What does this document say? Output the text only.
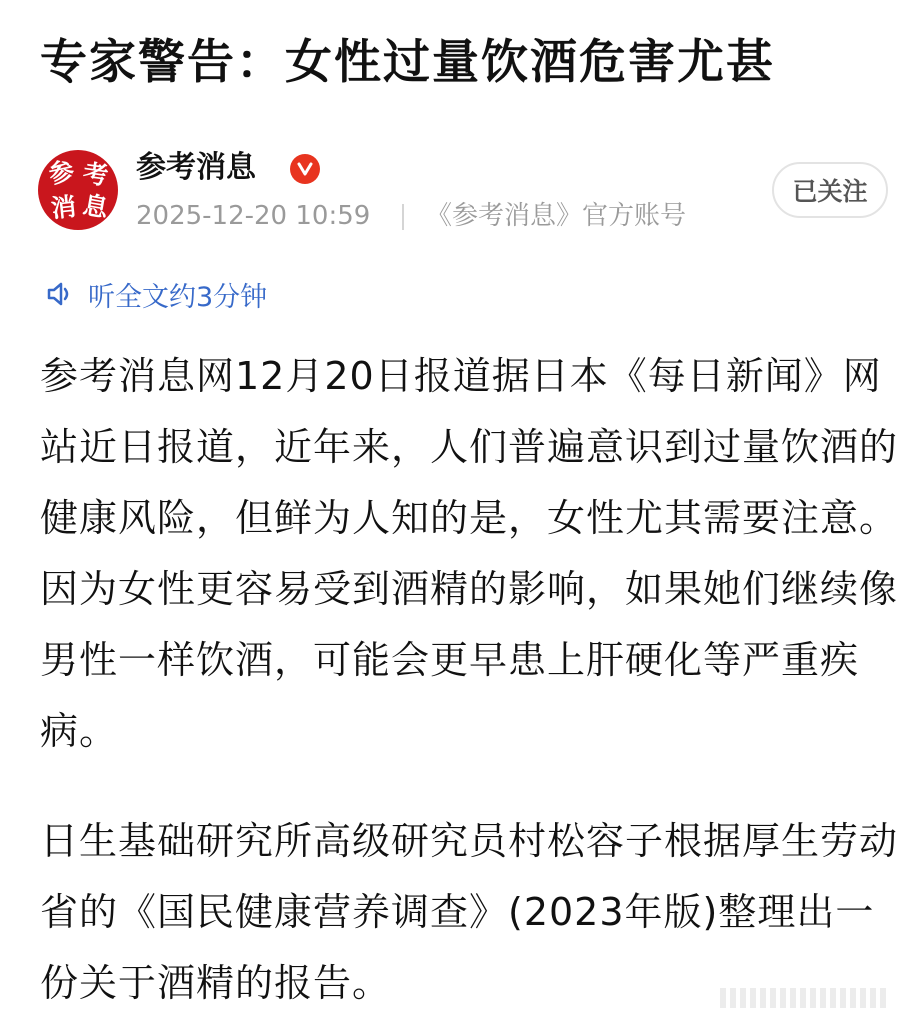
专家警告：女性过量饮酒危害尤甚
参 考
消 息
参考消息
2025-12-20 10:59 《参考消息》官方账号
已关注
听全文约3分钟

参考消息网12月20日报道据日本《每日新闻》网站近日报道，近年来，人们普遍意识到过量饮酒的健康风险，但鲜为人知的是，女性尤其需要注意。因为女性更容易受到酒精的影响，如果她们继续像男性一样饮酒，可能会更早患上肝硬化等严重疾病。

日生基础研究所高级研究员村松容子根据厚生劳动省的《国民健康营养调查》(2023年版)整理出一份关于酒精的报告。
